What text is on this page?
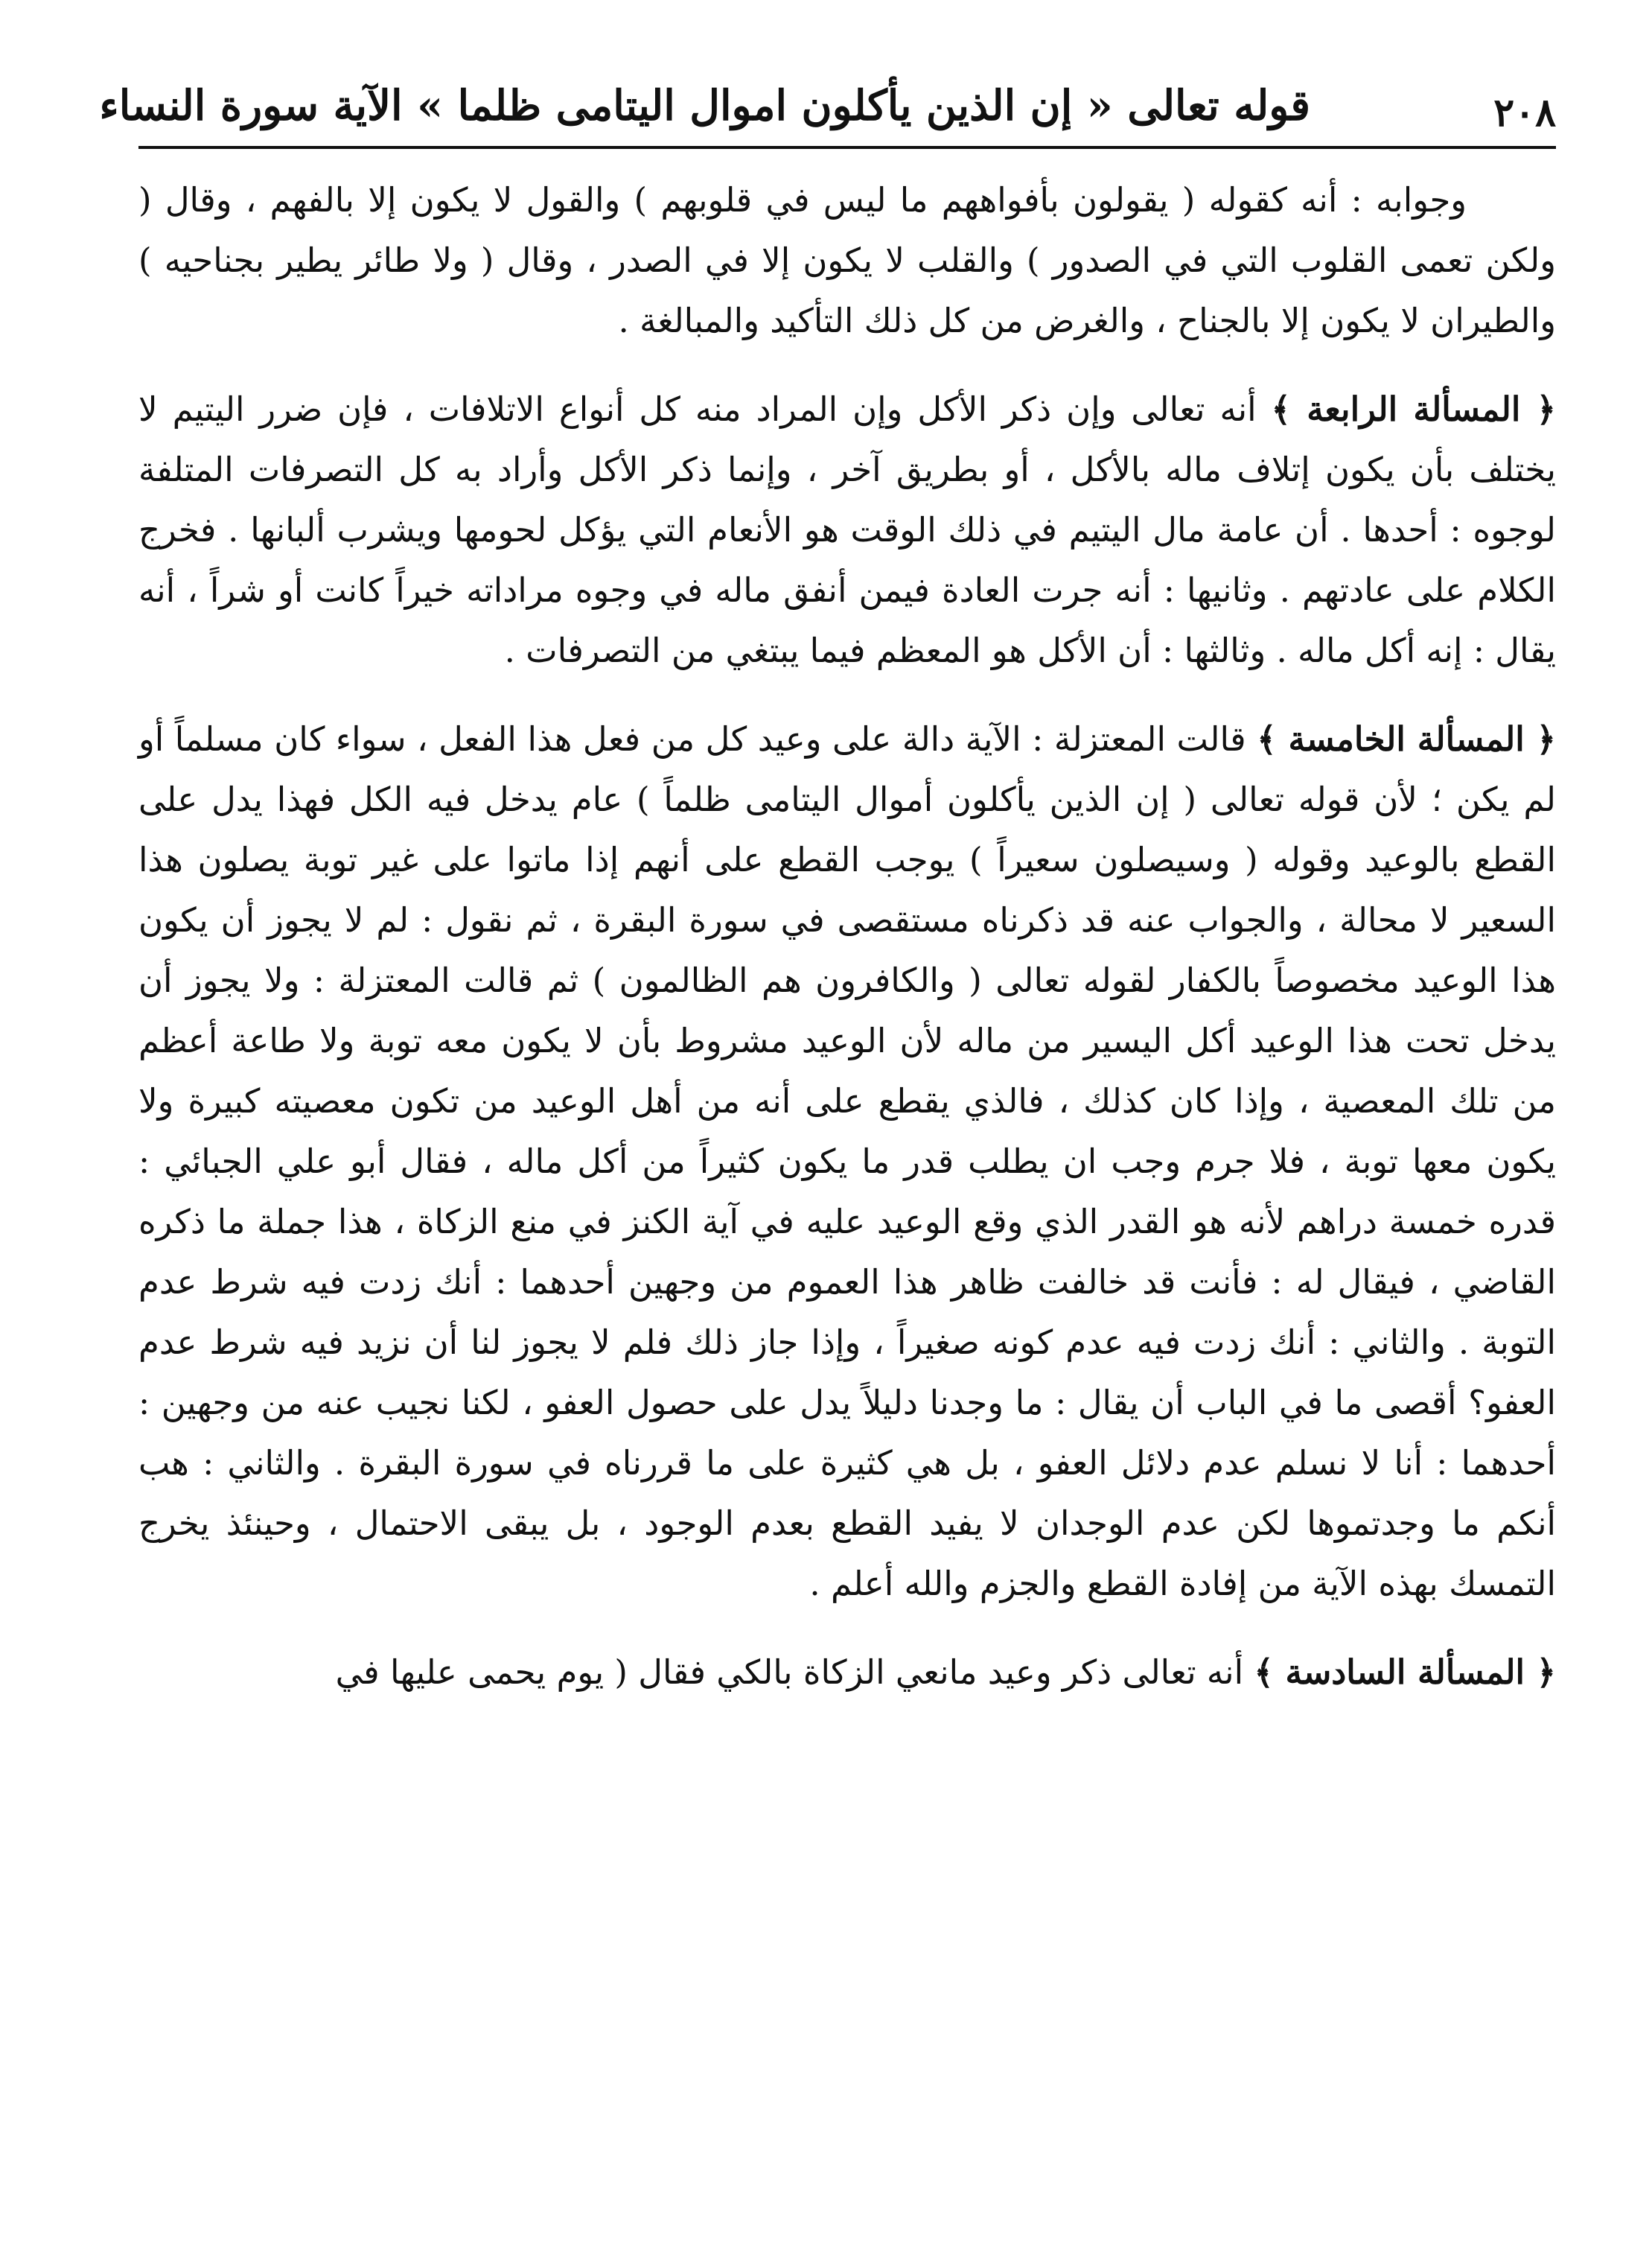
٢٠٨
قوله تعالى « إن الذين يأكلون اموال اليتامى ظلما » الآية سورة النساء

وجوابه : أنه كقوله ( يقولون بأفواههم ما ليس في قلوبهم ) والقول لا يكون إلا بالفهم ، وقال ( ولكن تعمى القلوب التي في الصدور ) والقلب لا يكون إلا في الصدر ، وقال ( ولا طائر يطير بجناحيه ) والطيران لا يكون إلا بالجناح ، والغرض من كل ذلك التأكيد والمبالغة .

﴿ المسألة الرابعة ﴾ أنه تعالى وإن ذكر الأكل وإن المراد منه كل أنواع الاتلافات ، فإن ضرر اليتيم لا يختلف بأن يكون إتلاف ماله بالأكل ، أو بطريق آخر ، وإنما ذكر الأكل وأراد به كل التصرفات المتلفة لوجوه : أحدها . أن عامة مال اليتيم في ذلك الوقت هو الأنعام التي يؤكل لحومها ويشرب ألبانها . فخرج الكلام على عادتهم . وثانيها : أنه جرت العادة فيمن أنفق ماله في وجوه مراداته خيراً كانت أو شراً ، أنه يقال : إنه أكل ماله . وثالثها : أن الأكل هو المعظم فيما يبتغي من التصرفات .

﴿ المسألة الخامسة ﴾ قالت المعتزلة : الآية دالة على وعيد كل من فعل هذا الفعل ، سواء كان مسلماً أو لم يكن ؛ لأن قوله تعالى ( إن الذين يأكلون أموال اليتامى ظلماً ) عام يدخل فيه الكل فهذا يدل على القطع بالوعيد وقوله ( وسيصلون سعيراً ) يوجب القطع على أنهم إذا ماتوا على غير توبة يصلون هذا السعير لا محالة ، والجواب عنه قد ذكرناه مستقصى في سورة البقرة ، ثم نقول : لم لا يجوز أن يكون هذا الوعيد مخصوصاً بالكفار لقوله تعالى ( والكافرون هم الظالمون ) ثم قالت المعتزلة : ولا يجوز أن يدخل تحت هذا الوعيد أكل اليسير من ماله لأن الوعيد مشروط بأن لا يكون معه توبة ولا طاعة أعظم من تلك المعصية ، وإذا كان كذلك ، فالذي يقطع على أنه من أهل الوعيد من تكون معصيته كبيرة ولا يكون معها توبة ، فلا جرم وجب ان يطلب قدر ما يكون كثيراً من أكل ماله ، فقال أبو علي الجبائي : قدره خمسة دراهم لأنه هو القدر الذي وقع الوعيد عليه في آية الكنز في منع الزكاة ، هذا جملة ما ذكره القاضي ، فيقال له : فأنت قد خالفت ظاهر هذا العموم من وجهين أحدهما : أنك زدت فيه شرط عدم التوبة . والثاني : أنك زدت فيه عدم كونه صغيراً ، وإذا جاز ذلك فلم لا يجوز لنا أن نزيد فيه شرط عدم العفو؟ أقصى ما في الباب أن يقال : ما وجدنا دليلاً يدل على حصول العفو ، لكنا نجيب عنه من وجهين : أحدهما : أنا لا نسلم عدم دلائل العفو ، بل هي كثيرة على ما قررناه في سورة البقرة . والثاني : هب أنكم ما وجدتموها لكن عدم الوجدان لا يفيد القطع بعدم الوجود ، بل يبقى الاحتمال ، وحينئذ يخرج التمسك بهذه الآية من إفادة القطع والجزم والله أعلم .

﴿ المسألة السادسة ﴾ أنه تعالى ذكر وعيد مانعي الزكاة بالكي فقال ( يوم يحمى عليها في
